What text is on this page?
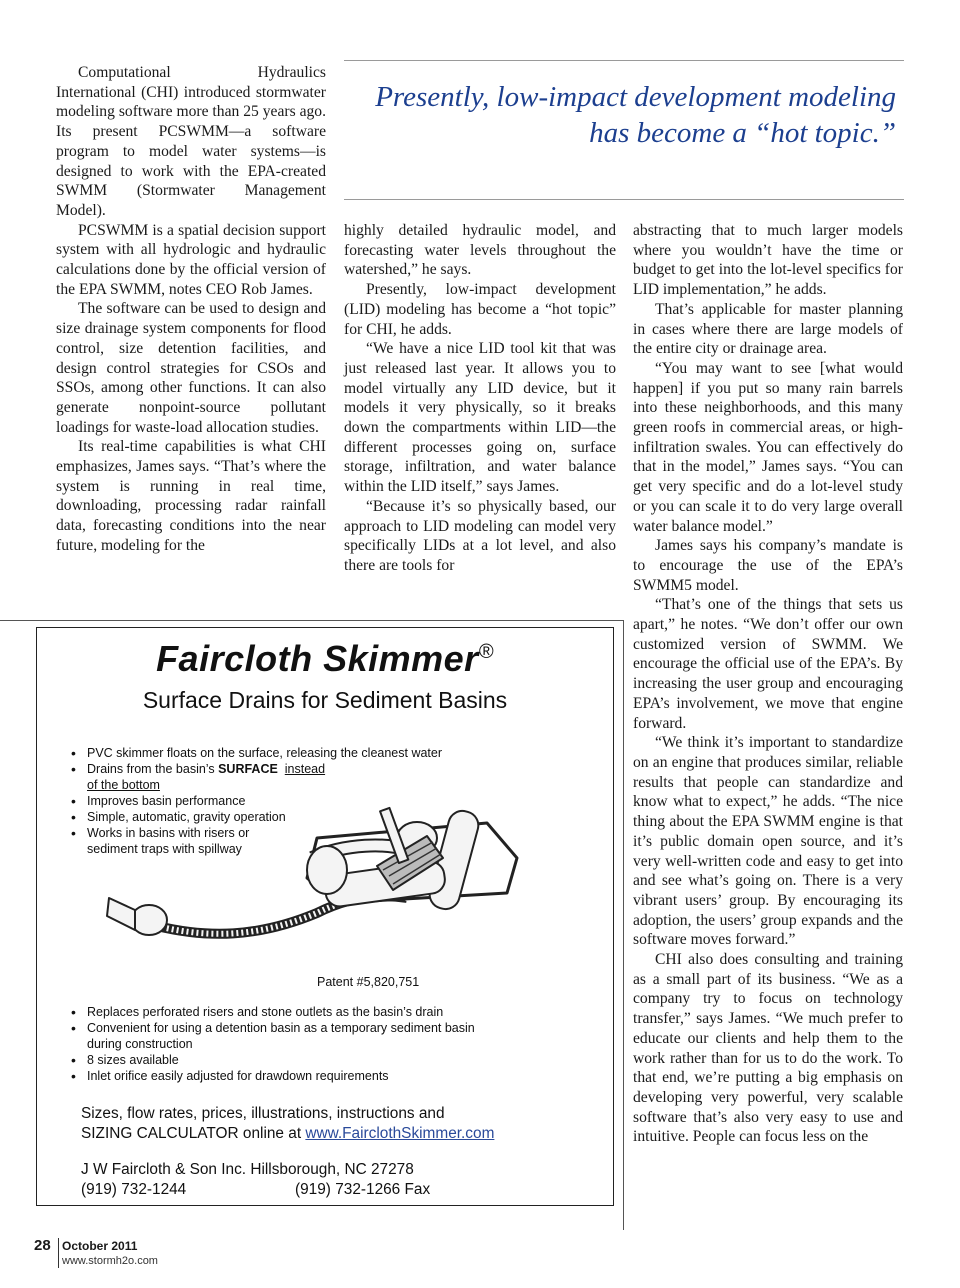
Computational Hydraulics International (CHI) introduced stormwater modeling software more than 25 years ago. Its present PCSWMM—a software program to model water systems—is designed to work with the EPA-created SWMM (Stormwater Management Model).

PCSWMM is a spatial decision support system with all hydrologic and hydraulic calculations done by the official version of the EPA SWMM, notes CEO Rob James.

The software can be used to design and size drainage system components for flood control, size detention facilities, and design control strategies for CSOs and SSOs, among other functions. It can also generate nonpoint-source pollutant loadings for waste-load allocation studies.

Its real-time capabilities is what CHI emphasizes, James says. “That’s where the system is running in real time, downloading, processing radar rainfall data, forecasting conditions into the near future, modeling for the

Presently, low-impact development modeling
has become a “hot topic.”

highly detailed hydraulic model, and forecasting water levels throughout the watershed,” he says.

Presently, low-impact development (LID) modeling has become a “hot topic” for CHI, he adds.

“We have a nice LID tool kit that was just released last year. It allows you to model virtually any LID device, but it models it very physically, so it breaks down the compartments within LID—the different processes going on, surface storage, infiltration, and water balance within the LID itself,” says James.

“Because it’s so physically based, our approach to LID modeling can model very specifically LIDs at a lot level, and also there are tools for

abstracting that to much larger models where you wouldn’t have the time or budget to get into the lot-level specifics for LID implementation,” he adds.

That’s applicable for master planning in cases where there are large models of the entire city or drainage area.

“You may want to see [what would happen] if you put so many rain barrels into these neighborhoods, and this many green roofs in commercial areas, or high-infiltration swales. You can effectively do that in the model,” James says. “You can get very specific and do a lot-level study or you can scale it to do very large overall water balance model.”

James says his company’s mandate is to encourage the use of the EPA’s SWMM5 model.

“That’s one of the things that sets us apart,” he notes. “We don’t offer our own customized version of SWMM. We encourage the official use of the EPA’s. By increasing the user group and encouraging EPA’s involvement, we move that engine forward.

“We think it’s important to standardize on an engine that produces similar, reliable results that people can standardize and know what to expect,” he adds. “The nice thing about the EPA SWMM engine is that it’s public domain open source, and it’s very well-written code and easy to get into and see what’s going on. There is a very vibrant users’ group. By encouraging its adoption, the users’ group expands and the software moves forward.”

CHI also does consulting and training as a small part of its business. “We as a company try to focus on technology transfer,” says James. “We much prefer to educate our clients and help them to the work rather than for us to do the work. To that end, we’re putting a big emphasis on developing very powerful, very scalable software that’s also very easy to use and intuitive. People can focus less on the

Faircloth Skimmer®
Surface Drains for Sediment Basins
• PVC skimmer floats on the surface, releasing the cleanest water
• Drains from the basin’s SURFACE instead
of the bottom
• Improves basin performance
• Simple, automatic, gravity operation
• Works in basins with risers or sediment traps with spillway
Patent #5,820,751
• Replaces perforated risers and stone outlets as the basin’s drain
• Convenient for using a detention basin as a temporary sediment basin during construction
• 8 sizes available
• Inlet orifice easily adjusted for drawdown requirements
Sizes, flow rates, prices, illustrations, instructions and
SIZING CALCULATOR online at www.FairclothSkimmer.com
J W Faircloth & Son Inc. Hillsborough, NC 27278
(919) 732-1244	(919) 732-1266 Fax
28 October 2011
www.stormh2o.com
